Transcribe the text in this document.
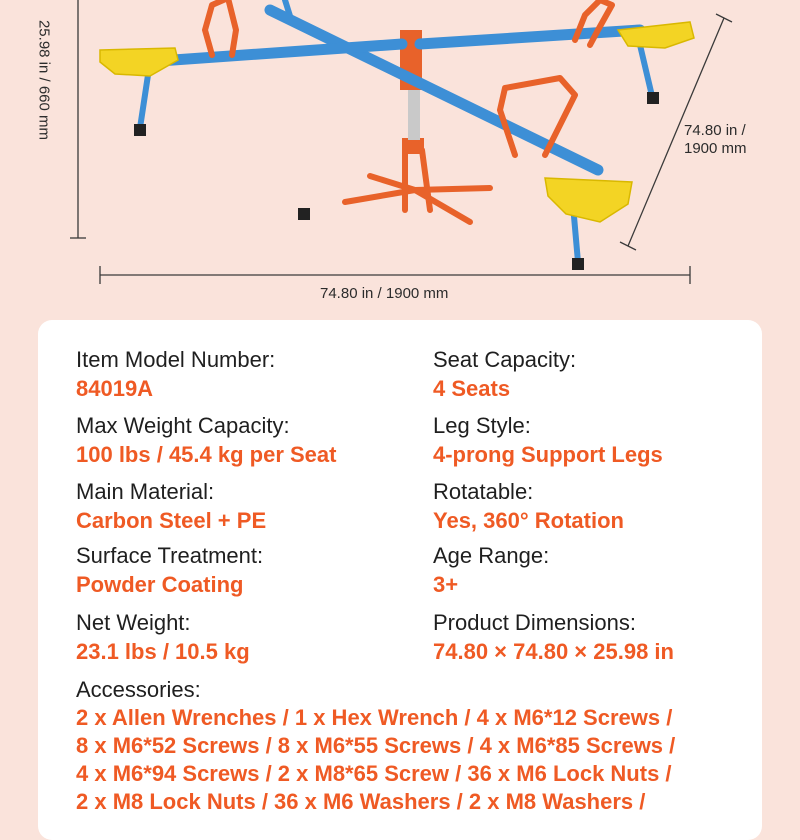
25.98 in / 660 mm	74.80 in /
1900 mm
74.80 in / 1900 mm
Item Model Number:
84019A
Seat Capacity:
4 Seats
Max Weight Capacity:
100 lbs / 45.4 kg per Seat
Leg Style:
4-prong Support Legs
Main Material:
Carbon Steel + PE
Rotatable:
Yes, 360° Rotation
Surface Treatment:
Powder Coating
Age Range:
3+
Net Weight:
23.1 lbs / 10.5 kg
Product Dimensions:
74.80 × 74.80 × 25.98 in
Accessories:
2 x Allen Wrenches / 1 x Hex Wrench / 4 x M6*12 Screws /
8 x M6*52 Screws / 8 x M6*55 Screws / 4 x M6*85 Screws /
4 x M6*94 Screws / 2 x M8*65 Screw / 36 x M6 Lock Nuts /
2 x M8 Lock Nuts / 36 x M6 Washers / 2 x M8 Washers /
